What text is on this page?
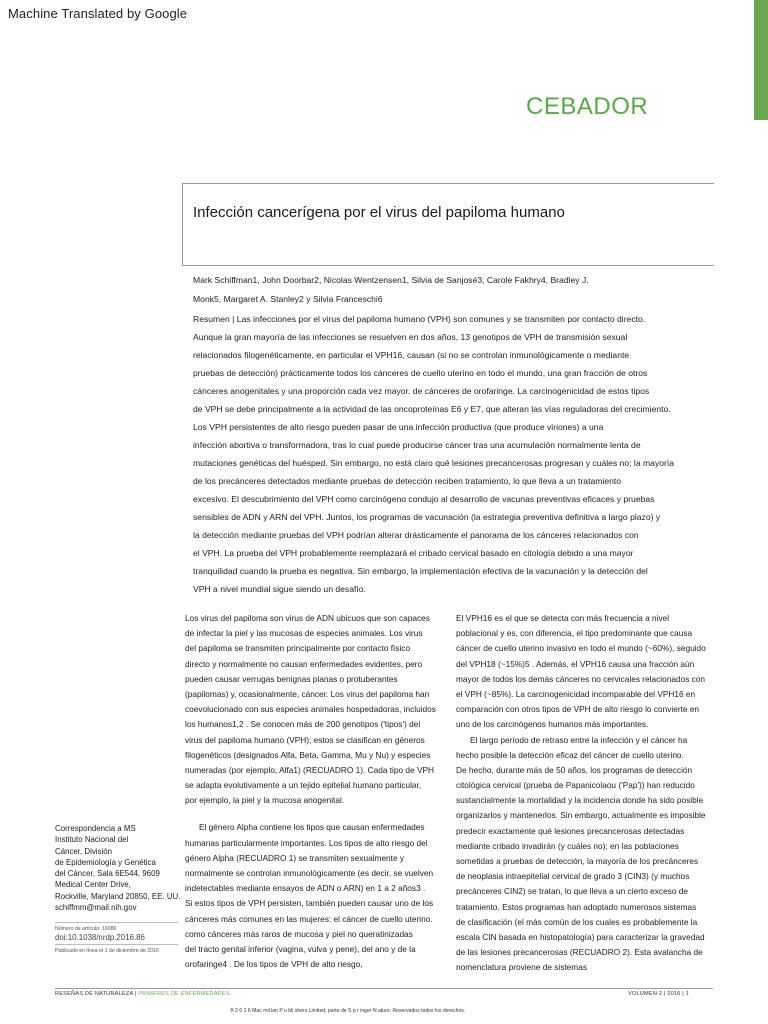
Machine Translated by Google
CEBADOR
Infección cancerígena por el virus del papiloma humano
Mark Schiffman1, John Doorbar2, Nicolas Wentzensen1, Silvia de Sanjosé3, Carole Fakhry4, Bradley J.
Monk5, Margaret A. Stanley2 y Silvia Franceschi6
Resumen | Las infecciones por el virus del papiloma humano (VPH) son comunes y se transmiten por contacto directo.
Aunque la gran mayoría de las infecciones se resuelven en dos años, 13 genotipos de VPH de transmisión sexual
relacionados filogenéticamente, en particular el VPH16, causan (si no se controlan inmunológicamente o mediante
pruebas de detección) prácticamente todos los cánceres de cuello uterino en todo el mundo, una gran fracción de otros
cánceres anogenitales y una proporción cada vez mayor. de cánceres de orofaringe. La carcinogenicidad de estos tipos
de VPH se debe principalmente a la actividad de las oncoproteínas E6 y E7, que alteran las vías reguladoras del crecimiento.
Los VPH persistentes de alto riesgo pueden pasar de una infección productiva (que produce viriones) a una
infección abortiva o transformadora, tras lo cual puede producirse cáncer tras una acumulación normalmente lenta de
mutaciones genéticas del huésped. Sin embargo, no está claro qué lesiones precancerosas progresan y cuáles no; la mayoría
de los precánceres detectados mediante pruebas de detección reciben tratamiento, lo que lleva a un tratamiento
excesivo. El descubrimiento del VPH como carcinógeno condujo al desarrollo de vacunas preventivas eficaces y pruebas
sensibles de ADN y ARN del VPH. Juntos, los programas de vacunación (la estrategia preventiva definitiva a largo plazo) y
la detección mediante pruebas del VPH podrían alterar drásticamente el panorama de los cánceres relacionados con
el VPH. La prueba del VPH probablemente reemplazará el cribado cervical basado en citología debido a una mayor
tranquilidad cuando la prueba es negativa. Sin embargo, la implementación efectiva de la vacunación y la detección del
VPH a nivel mundial sigue siendo un desafío.
Los virus del papiloma son virus de ADN ubicuos que son capaces
de infectar la piel y las mucosas de especies animales. Los virus
del papiloma se transmiten principalmente por contacto físico
directo y normalmente no causan enfermedades evidentes, pero
pueden causar verrugas benignas planas o protuberantes
(papilomas) y, ocasionalmente, cáncer. Los virus del papiloma han
coevolucionado con sus especies animales hospedadoras, incluidos
los humanos1,2 . Se conocen más de 200 genotipos ('tipos') del
virus del papiloma humano (VPH); estos se clasifican en géneros
filogenéticos (designados Alfa, Beta, Gamma, Mu y Nu) y especies
numeradas (por ejemplo, Alfa1) (RECUADRO 1). Cada tipo de VPH
se adapta evolutivamente a un tejido epitelial humano particular,
por ejemplo, la piel y la mucosa anogenital.
El género Alpha contiene los tipos que causan enfermedades
humanas particularmente importantes. Los tipos de alto riesgo del
género Alpha (RECUADRO 1) se transmiten sexualmente y
normalmente se controlan inmunológicamente (es decir, se vuelven
indetectables mediante ensayos de ADN o ARN) en 1 a 2 años3 .
Si estos tipos de VPH persisten, también pueden causar uno de los
cánceres más comunes en las mujeres: el cáncer de cuello uterino.
como cánceres más raros de mucosa y piel no queratinizadas
del tracto genital inferior (vagina, vulva y pene), del ano y de la
orofaringe4 . De los tipos de VPH de alto riesgo,
El VPH16 es el que se detecta con más frecuencia a nivel
poblacional y es, con diferencia, el tipo predominante que causa
cáncer de cuello uterino invasivo en todo el mundo (~60%), seguido
del VPH18 (~15%)5 . Además, el VPH16 causa una fracción aún
mayor de todos los demás cánceres no cervicales relacionados con
el VPH (~85%). La carcinogenicidad incomparable del VPH16 en
comparación con otros tipos de VPH de alto riesgo lo convierte en
uno de los carcinógenos humanos más importantes.
El largo período de retraso entre la infección y el cáncer ha
hecho posible la detección eficaz del cáncer de cuello uterino.
De hecho, durante más de 50 años, los programas de detección
citológica cervical (prueba de Papanicolaou ('Pap')) han reducido
sustancialmente la mortalidad y la incidencia donde ha sido posible
organizarlos y mantenerlos. Sin embargo, actualmente es imposible
predecir exactamente qué lesiones precancerosas detectadas
mediante cribado invadirán (y cuáles no); en las poblaciones
sometidas a pruebas de detección, la mayoría de los precánceres
de neoplasia intraepitelial cervical de grado 3 (CIN3) (y muchos
precánceres CIN2) se tratan, lo que lleva a un cierto exceso de
tratamiento. Estos programas han adoptado numerosos sistemas
de clasificación (el más común de los cuales es probablemente la
escala CIN basada en histopatología) para caracterizar la gravedad
de las lesiones precancerosas (RECUADRO 2). Esta avalancha de
nomenclatura proviene de sistemas
Correspondencia a MS
Instituto Nacional del
Cáncer, División
de Epidemiología y Genética
del Cáncer, Sala 6E544, 9609
Medical Center Drive,
Rockville, Maryland 20850, EE. UU.
schiffmm@mail.nih.gov
Número de artículo: 16086
doi:10.1038/nrdp.2016.86
Publicado en línea el 1 de diciembre de 2016
RESEÑAS DE NATURALEZA | PRIMERES DE ENFERMEDADES	VOLUMEN 2 | 2016 | 1
® 2 0 1 6 Mac mil lan P u bli shers Limited, parte de S p r inger N ature. Reservados todos los derechos.
